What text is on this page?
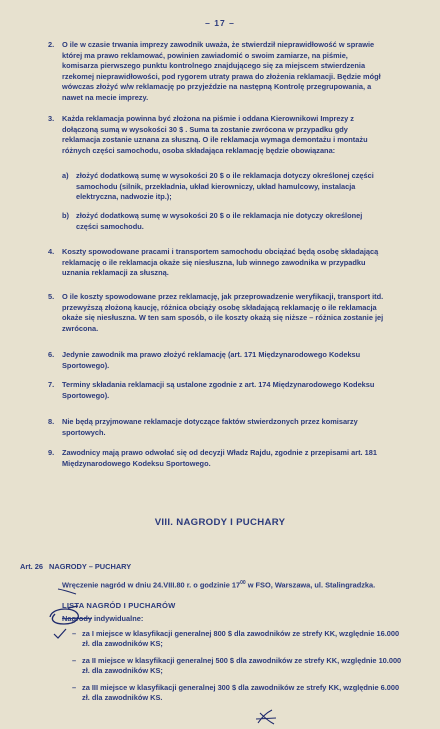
– 17 –
2. O ile w czasie trwania imprezy zawodnik uważa, że stwierdził nieprawidłowość w sprawie której ma prawo reklamować, powinien zawiadomić o swoim zamiarze, na piśmie, komisarza pierwszego punktu kontrolnego znajdującego się za miejscem stwierdzenia rzekomej nieprawidłowości, pod rygorem utraty prawa do złożenia reklamacji. Będzie mógł wówczas złożyć w/w reklamację po przyjeździe na następną Kontrolę przegrupowania, a nawet na mecie imprezy.
3. Każda reklamacja powinna być złożona na piśmie i oddana Kierownikowi Imprezy z dołączoną sumą w wysokości 30 $ . Suma ta zostanie zwrócona w przypadku gdy reklamacja zostanie uznana za słuszną. O ile reklamacja wymaga demontażu i montażu różnych części samochodu, osoba składająca reklamację będzie obowiązana:
a) złożyć dodatkową sumę w wysokości 20 $ o ile reklamacja dotyczy określonej części samochodu (silnik, przekładnia, układ kierowniczy, układ hamulcowy, instalacja elektryczna, nadwozie itp.);
b) złożyć dodatkową sumę w wysokości 20 $ o ile reklamacja nie dotyczy określonej części samochodu.
4. Koszty spowodowane pracami i transportem samochodu obciążać będą osobę składającą reklamację o ile reklamacja okaże się niesłuszna, lub winnego zawodnika w przypadku uznania reklamacji za słuszną.
5. O ile koszty spowodowane przez reklamację, jak przeprowadzenie weryfikacji, transport itd. przewyższą złożoną kaucję, różnica obciąży osobę składającą reklamację o ile reklamacja okaże się niesłuszna. W ten sam sposób, o ile koszty okażą się niższe – różnica zostanie jej zwrócona.
6. Jedynie zawodnik ma prawo złożyć reklamację (art. 171 Międzynarodowego Kodeksu Sportowego).
7. Terminy składania reklamacji są ustalone zgodnie z art. 174 Międzynarodowego Kodeksu Sportowego).
8. Nie będą przyjmowane reklamacje dotyczące faktów stwierdzonych przez komisarzy sportowych.
9. Zawodnicy mają prawo odwołać się od decyzji Władz Rajdu, zgodnie z przepisami art. 181 Międzynarodowego Kodeksu Sportowego.
VIII. NAGRODY I PUCHARY
Art. 26 NAGRODY – PUCHARY
Wręczenie nagród w dniu 24.VIII.80 r. o godzinie $17^{00}$ w FSO, Warszawa, ul. Stalingradzka.
LISTA NAGRÓD I PUCHARÓW
Nagrody indywidualne:
– za I miejsce w klasyfikacji generalnej 800 $ dla zawodników ze strefy KK, względnie 16.000 zł. dla zawodników KS;
– za II miejsce w klasyfikacji generalnej 500 $ dla zawodników ze strefy KK, względnie 10.000 zł. dla zawodników KS;
– za III miejsce w klasyfikacji generalnej 300 $ dla zawodników ze strefy KK, względnie 6.000 zł. dla zawodników KS.
